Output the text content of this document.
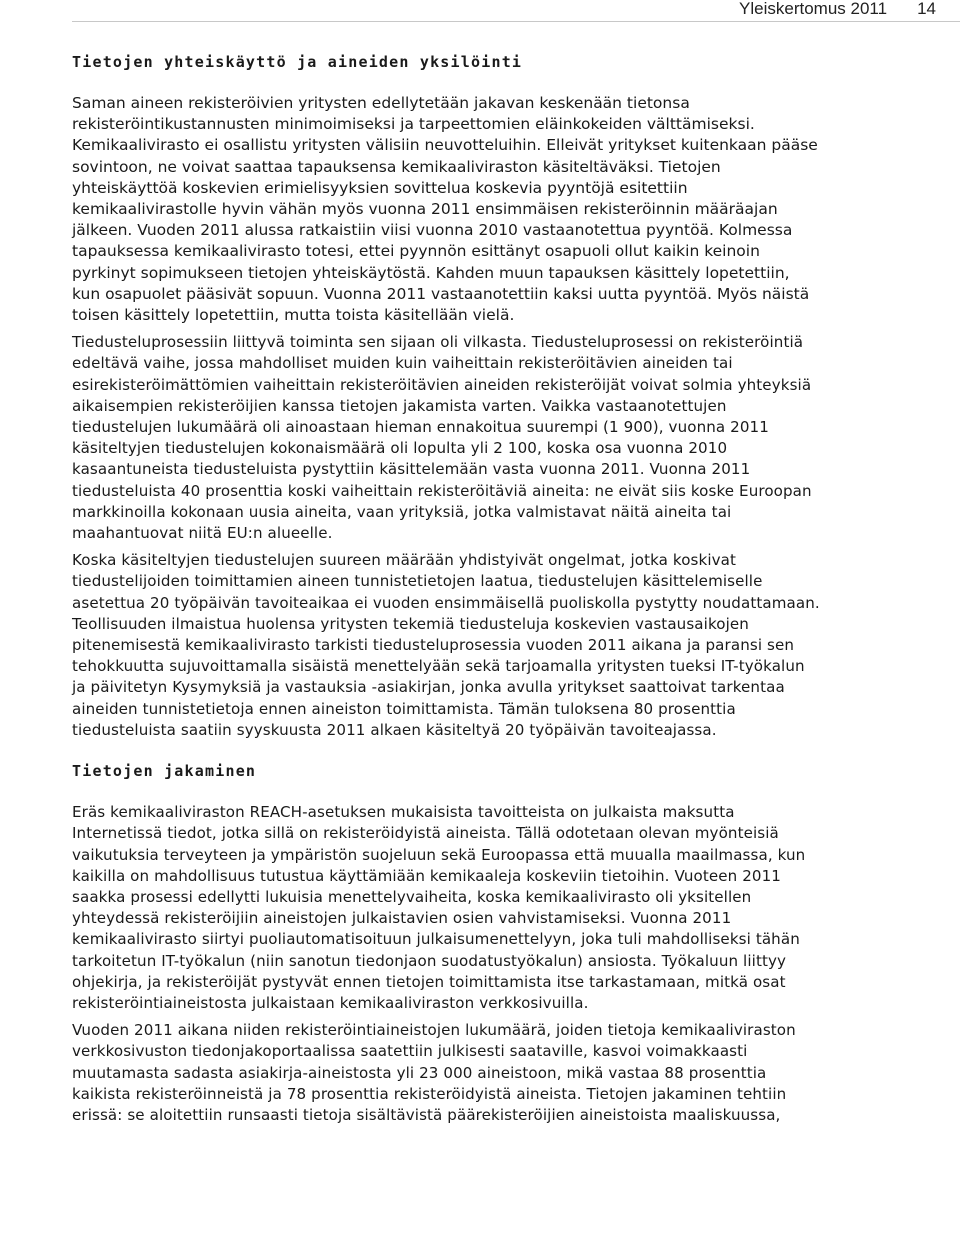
Yleiskertomus 2011 14
Tietojen yhteiskäyttö ja aineiden yksilöinti

Saman aineen rekisteröivien yritysten edellytetään jakavan keskenään tietonsa rekisteröintikustannusten minimoimiseksi ja tarpeettomien eläinkokeiden välttämiseksi. Kemikaalivirasto ei osallistu yritysten välisiin neuvotteluihin. Elleivät yritykset kuitenkaan pääse sovintoon, ne voivat saattaa tapauksensa kemikaaliviraston käsiteltäväksi. Tietojen yhteiskäyttöä koskevien erimielisyyksien sovittelua koskevia pyyntöjä esitettiin kemikaalivirastolle hyvin vähän myös vuonna 2011 ensimmäisen rekisteröinnin määräajan jälkeen. Vuoden 2011 alussa ratkaistiin viisi vuonna 2010 vastaanotettua pyyntöä. Kolmessa tapauksessa kemikaalivirasto totesi, ettei pyynnön esittänyt osapuoli ollut kaikin keinoin pyrkinyt sopimukseen tietojen yhteiskäytöstä. Kahden muun tapauksen käsittely lopetettiin, kun osapuolet pääsivät sopuun. Vuonna 2011 vastaanotettiin kaksi uutta pyyntöä. Myös näistä toisen käsittely lopetettiin, mutta toista käsitellään vielä.

Tiedusteluprosessiin liittyvä toiminta sen sijaan oli vilkasta. Tiedusteluprosessi on rekisteröintiä edeltävä vaihe, jossa mahdolliset muiden kuin vaiheittain rekisteröitävien aineiden tai esirekisteröimättömien vaiheittain rekisteröitävien aineiden rekisteröijät voivat solmia yhteyksiä aikaisempien rekisteröijien kanssa tietojen jakamista varten. Vaikka vastaanotettujen tiedustelujen lukumäärä oli ainoastaan hieman ennakoitua suurempi (1 900), vuonna 2011 käsiteltyjen tiedustelujen kokonaismäärä oli lopulta yli 2 100, koska osa vuonna 2010 kasaantuneista tiedusteluista pystyttiin käsittelemään vasta vuonna 2011. Vuonna 2011 tiedusteluista 40 prosenttia koski vaiheittain rekisteröitäviä aineita: ne eivät siis koske Euroopan markkinoilla kokonaan uusia aineita, vaan yrityksiä, jotka valmistavat näitä aineita tai maahantuovat niitä EU:n alueelle.

Koska käsiteltyjen tiedustelujen suureen määrään yhdistyivät ongelmat, jotka koskivat tiedustelijoiden toimittamien aineen tunnistetietojen laatua, tiedustelujen käsittelemiselle asetettua 20 työpäivän tavoiteaikaa ei vuoden ensimmäisellä puoliskolla pystytty noudattamaan. Teollisuuden ilmaistua huolensa yritysten tekemiä tiedusteluja koskevien vastausaikojen pitenemisestä kemikaalivirasto tarkisti tiedusteluprosessia vuoden 2011 aikana ja paransi sen tehokkuutta sujuvoittamalla sisäistä menettelyään sekä tarjoamalla yritysten tueksi IT-työkalun ja päivitetyn Kysymyksiä ja vastauksia -asiakirjan, jonka avulla yritykset saattoivat tarkentaa aineiden tunnistetietoja ennen aineiston toimittamista. Tämän tuloksena 80 prosenttia tiedusteluista saatiin syyskuusta 2011 alkaen käsiteltyä 20 työpäivän tavoiteajassa.

Tietojen jakaminen

Eräs kemikaaliviraston REACH-asetuksen mukaisista tavoitteista on julkaista maksutta Internetissä tiedot, jotka sillä on rekisteröidyistä aineista. Tällä odotetaan olevan myönteisiä vaikutuksia terveyteen ja ympäristön suojeluun sekä Euroopassa että muualla maailmassa, kun kaikilla on mahdollisuus tutustua käyttämiään kemikaaleja koskeviin tietoihin. Vuoteen 2011 saakka prosessi edellytti lukuisia menettelyvaiheita, koska kemikaalivirasto oli yksitellen yhteydessä rekisteröijiin aineistojen julkaistavien osien vahvistamiseksi. Vuonna 2011 kemikaalivirasto siirtyi puoliautomatisoituun julkaisumenettelyyn, joka tuli mahdolliseksi tähän tarkoitetun IT-työkalun (niin sanotun tiedonjaon suodatustyökalun) ansiosta. Työkaluun liittyy ohjekirja, ja rekisteröijät pystyvät ennen tietojen toimittamista itse tarkastamaan, mitkä osat rekisteröintiaineistosta julkaistaan kemikaaliviraston verkkosivuilla.

Vuoden 2011 aikana niiden rekisteröintiaineistojen lukumäärä, joiden tietoja kemikaaliviraston verkkosivuston tiedonjakoportaalissa saatettiin julkisesti saataville, kasvoi voimakkaasti muutamasta sadasta asiakirja-aineistosta yli 23 000 aineistoon, mikä vastaa 88 prosenttia kaikista rekisteröinneistä ja 78 prosenttia rekisteröidyistä aineista. Tietojen jakaminen tehtiin erissä: se aloitettiin runsaasti tietoja sisältävistä päärekisteröijien aineistoista maaliskuussa,
